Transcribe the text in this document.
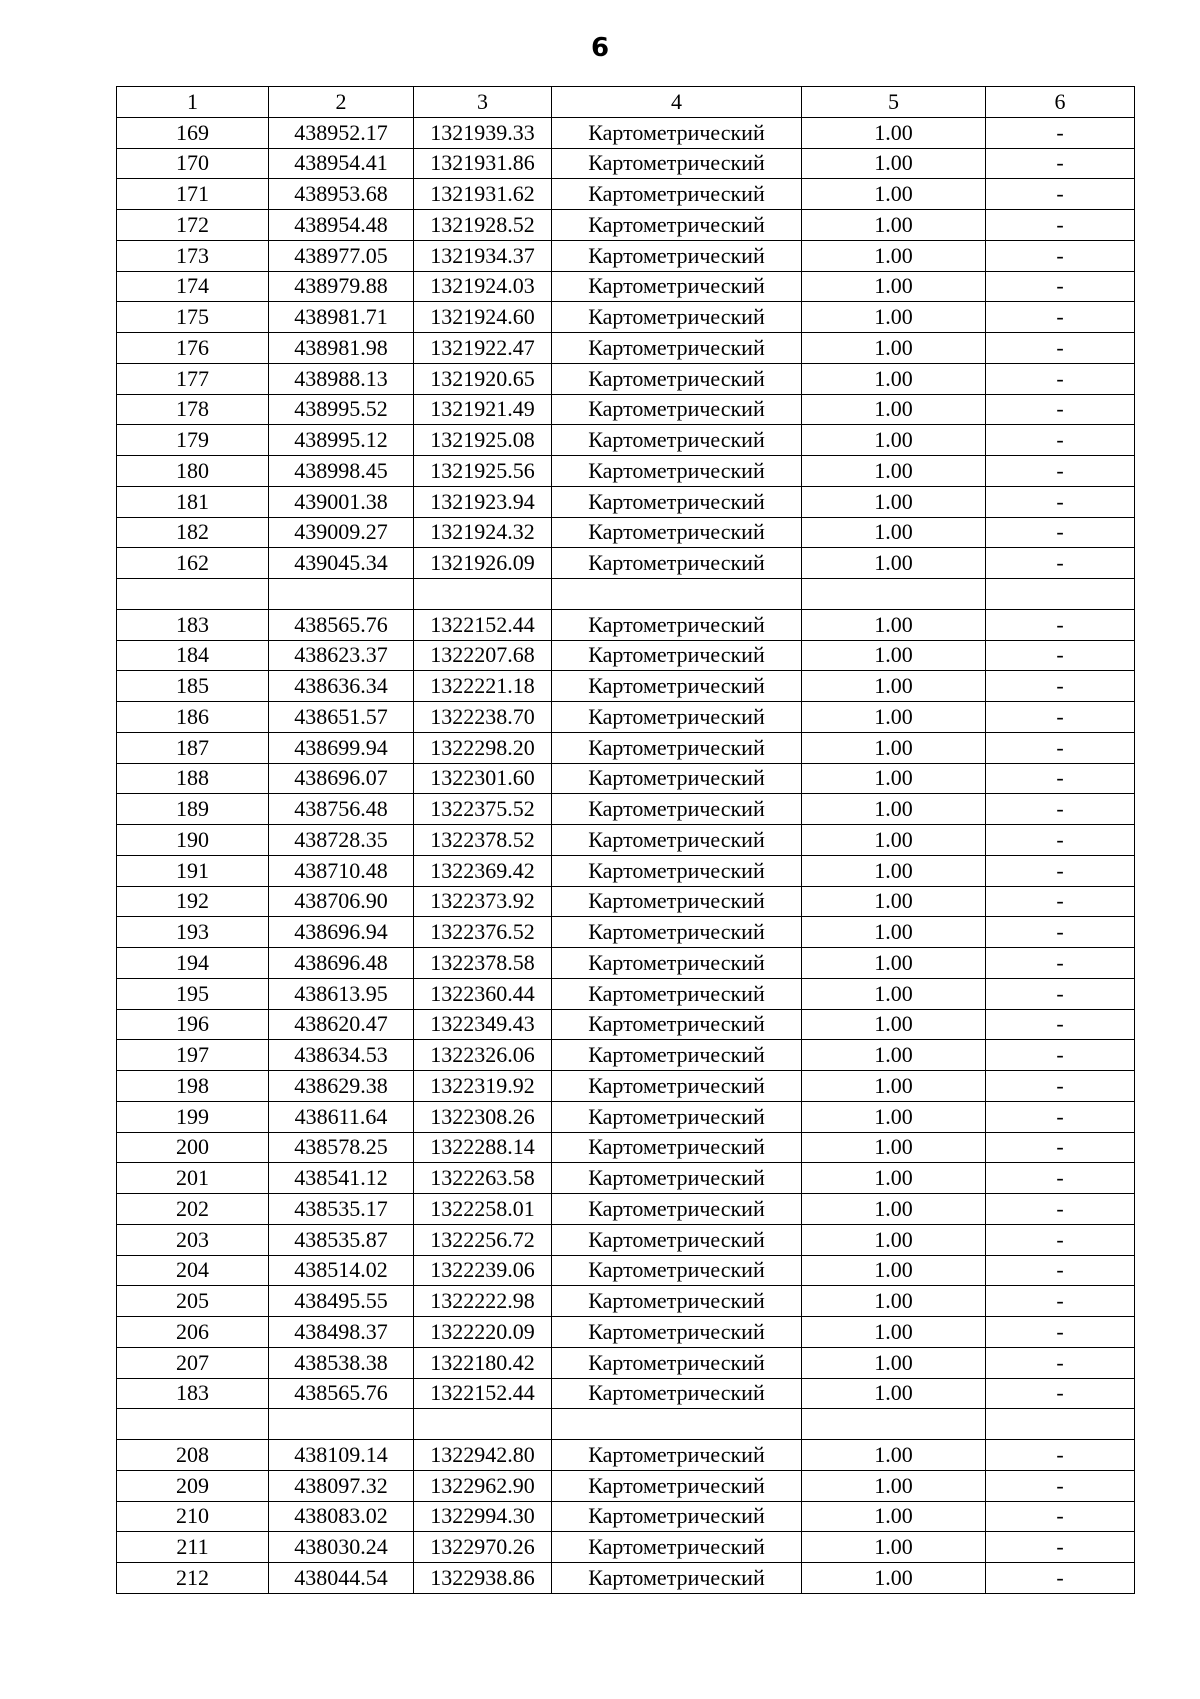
6
1	2	3	4	5	6
169	438952.17	1321939.33	Картометрический	1.00	-
170	438954.41	1321931.86	Картометрический	1.00	-
171	438953.68	1321931.62	Картометрический	1.00	-
172	438954.48	1321928.52	Картометрический	1.00	-
173	438977.05	1321934.37	Картометрический	1.00	-
174	438979.88	1321924.03	Картометрический	1.00	-
175	438981.71	1321924.60	Картометрический	1.00	-
176	438981.98	1321922.47	Картометрический	1.00	-
177	438988.13	1321920.65	Картометрический	1.00	-
178	438995.52	1321921.49	Картометрический	1.00	-
179	438995.12	1321925.08	Картометрический	1.00	-
180	438998.45	1321925.56	Картометрический	1.00	-
181	439001.38	1321923.94	Картометрический	1.00	-
182	439009.27	1321924.32	Картометрический	1.00	-
162	439045.34	1321926.09	Картометрический	1.00	-

183	438565.76	1322152.44	Картометрический	1.00	-
184	438623.37	1322207.68	Картометрический	1.00	-
185	438636.34	1322221.18	Картометрический	1.00	-
186	438651.57	1322238.70	Картометрический	1.00	-
187	438699.94	1322298.20	Картометрический	1.00	-
188	438696.07	1322301.60	Картометрический	1.00	-
189	438756.48	1322375.52	Картометрический	1.00	-
190	438728.35	1322378.52	Картометрический	1.00	-
191	438710.48	1322369.42	Картометрический	1.00	-
192	438706.90	1322373.92	Картометрический	1.00	-
193	438696.94	1322376.52	Картометрический	1.00	-
194	438696.48	1322378.58	Картометрический	1.00	-
195	438613.95	1322360.44	Картометрический	1.00	-
196	438620.47	1322349.43	Картометрический	1.00	-
197	438634.53	1322326.06	Картометрический	1.00	-
198	438629.38	1322319.92	Картометрический	1.00	-
199	438611.64	1322308.26	Картометрический	1.00	-
200	438578.25	1322288.14	Картометрический	1.00	-
201	438541.12	1322263.58	Картометрический	1.00	-
202	438535.17	1322258.01	Картометрический	1.00	-
203	438535.87	1322256.72	Картометрический	1.00	-
204	438514.02	1322239.06	Картометрический	1.00	-
205	438495.55	1322222.98	Картометрический	1.00	-
206	438498.37	1322220.09	Картометрический	1.00	-
207	438538.38	1322180.42	Картометрический	1.00	-
183	438565.76	1322152.44	Картометрический	1.00	-

208	438109.14	1322942.80	Картометрический	1.00	-
209	438097.32	1322962.90	Картометрический	1.00	-
210	438083.02	1322994.30	Картометрический	1.00	-
211	438030.24	1322970.26	Картометрический	1.00	-
212	438044.54	1322938.86	Картометрический	1.00	-
